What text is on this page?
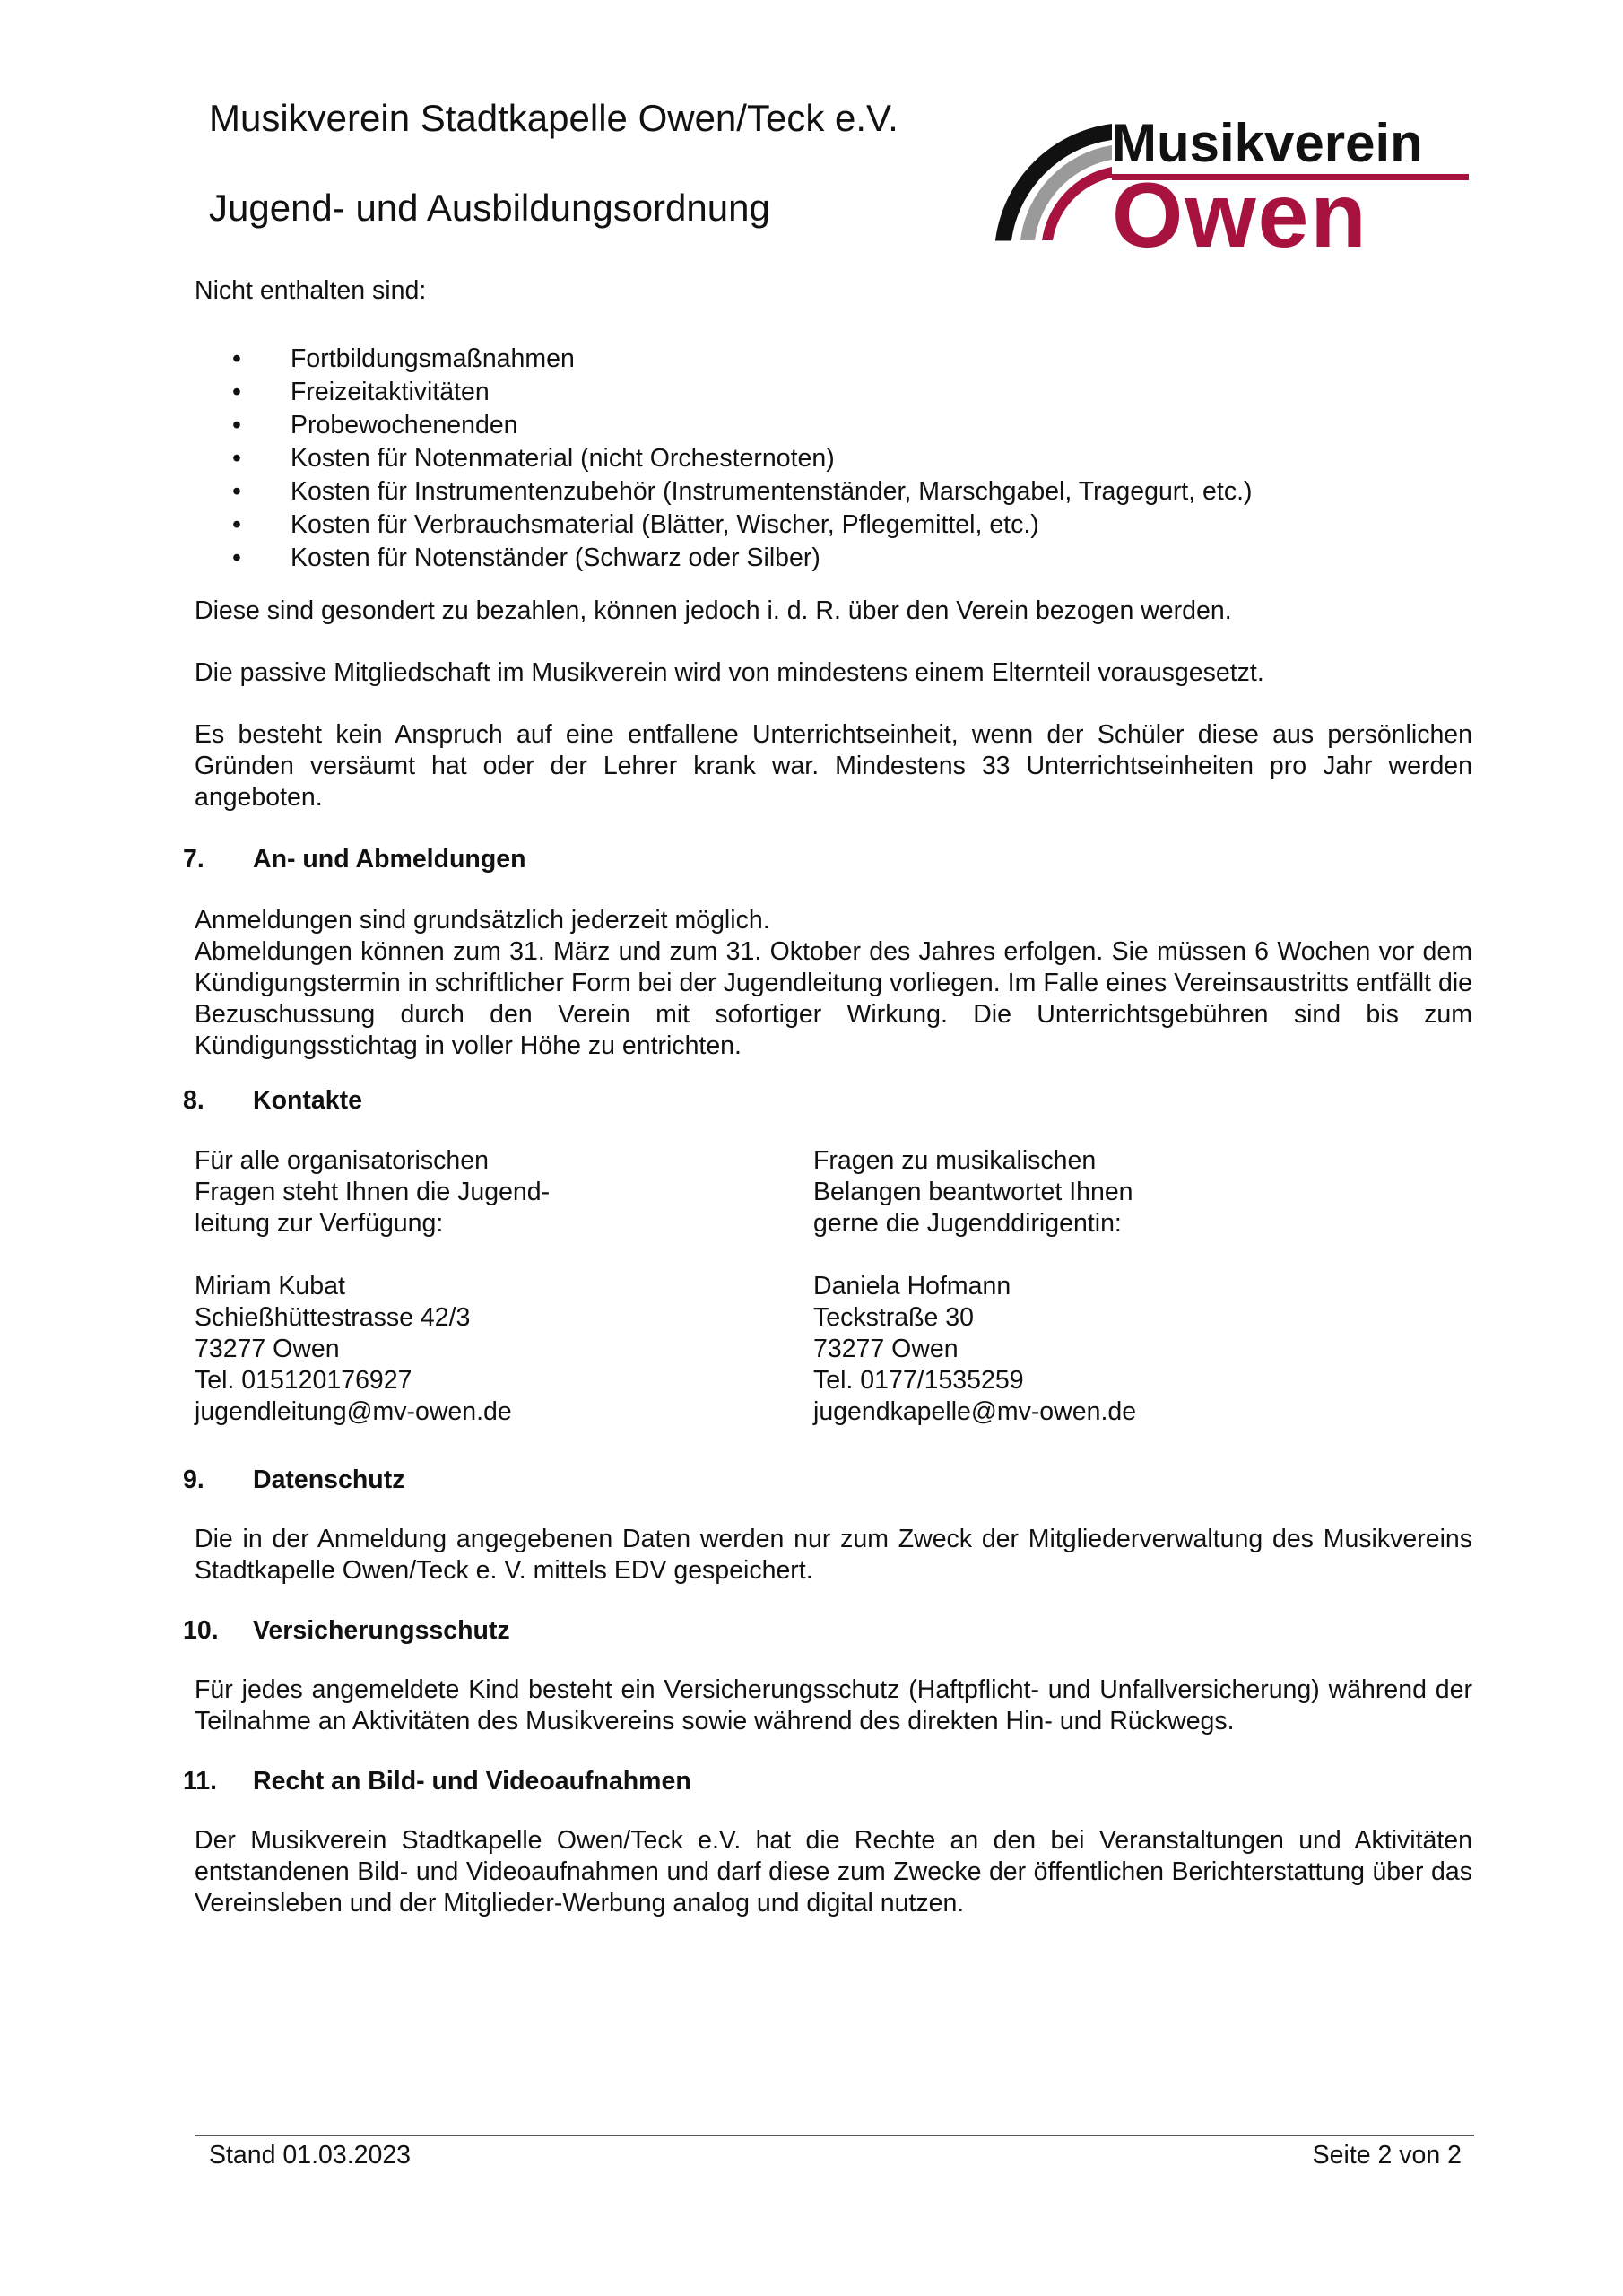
Musikverein Stadtkapelle Owen/Teck e.V.
Jugend- und Ausbildungsordnung
Musikverein
Owen
Nicht enthalten sind:
• Fortbildungsmaßnahmen
• Freizeitaktivitäten
• Probewochenenden
• Kosten für Notenmaterial (nicht Orchesternoten)
• Kosten für Instrumentenzubehör (Instrumentenständer, Marschgabel, Tragegurt, etc.)
• Kosten für Verbrauchsmaterial (Blätter, Wischer, Pflegemittel, etc.)
• Kosten für Notenständer (Schwarz oder Silber)
Diese sind gesondert zu bezahlen, können jedoch i. d. R. über den Verein bezogen werden.
Die passive Mitgliedschaft im Musikverein wird von mindestens einem Elternteil vorausgesetzt.
Es besteht kein Anspruch auf eine entfallene Unterrichtseinheit, wenn der Schüler diese aus persönlichen Gründen versäumt hat oder der Lehrer krank war. Mindestens 33 Unterrichtseinheiten pro Jahr werden angeboten.
7. An- und Abmeldungen
Anmeldungen sind grundsätzlich jederzeit möglich.
Abmeldungen können zum 31. März und zum 31. Oktober des Jahres erfolgen. Sie müssen 6 Wochen vor dem Kündigungstermin in schriftlicher Form bei der Jugendleitung vorliegen. Im Falle eines Vereinsaustritts entfällt die Bezuschussung durch den Verein mit sofortiger Wirkung. Die Unterrichtsgebühren sind bis zum Kündigungsstichtag in voller Höhe zu entrichten.
8. Kontakte
Für alle organisatorischen
Fragen steht Ihnen die Jugend-
leitung zur Verfügung:
Miriam Kubat
Schießhüttestrasse 42/3
73277 Owen
Tel. 015120176927
jugendleitung@mv-owen.de
Fragen zu musikalischen
Belangen beantwortet Ihnen
gerne die Jugenddirigentin:
Daniela Hofmann
Teckstraße 30
73277 Owen
Tel. 0177/1535259
jugendkapelle@mv-owen.de
9. Datenschutz
Die in der Anmeldung angegebenen Daten werden nur zum Zweck der Mitgliederverwaltung des Musikvereins Stadtkapelle Owen/Teck e. V. mittels EDV gespeichert.
10. Versicherungsschutz
Für jedes angemeldete Kind besteht ein Versicherungsschutz (Haftpflicht- und Unfallversicherung) während der Teilnahme an Aktivitäten des Musikvereins sowie während des direkten Hin- und Rückwegs.
11. Recht an Bild- und Videoaufnahmen
Der Musikverein Stadtkapelle Owen/Teck e.V. hat die Rechte an den bei Veranstaltungen und Aktivitäten entstandenen Bild- und Videoaufnahmen und darf diese zum Zwecke der öffentlichen Berichterstattung über das Vereinsleben und der Mitglieder-Werbung analog und digital nutzen.
Stand 01.03.2023	Seite 2 von 2
